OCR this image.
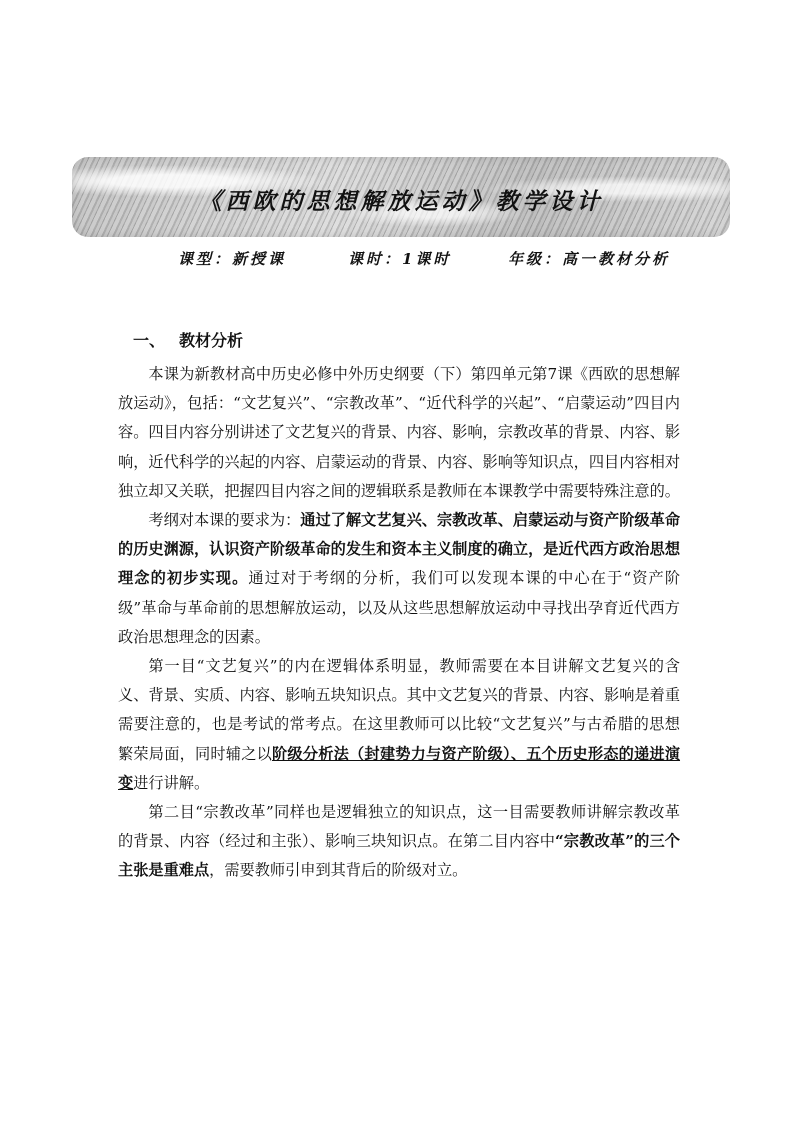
《西欧的思想解放运动》教学设计
课型：新授课	课时：1课时	年级：高一教材分析
一、 教材分析

本课为新教材高中历史必修中外历史纲要（下）第四单元第7课《西欧的思想解放运动》，包括：“文艺复兴”、“宗教改革”、“近代科学的兴起”、“启蒙运动”四目内容。四目内容分别讲述了文艺复兴的背景、内容、影响，宗教改革的背景、内容、影响，近代科学的兴起的内容、启蒙运动的背景、内容、影响等知识点，四目内容相对独立却又关联，把握四目内容之间的逻辑联系是教师在本课教学中需要特殊注意的。

考纲对本课的要求为：通过了解文艺复兴、宗教改革、启蒙运动与资产阶级革命的历史渊源，认识资产阶级革命的发生和资本主义制度的确立，是近代西方政治思想理念的初步实现。通过对于考纲的分析，我们可以发现本课的中心在于“资产阶级”革命与革命前的思想解放运动，以及从这些思想解放运动中寻找出孕育近代西方政治思想理念的因素。

第一目“文艺复兴”的内在逻辑体系明显，教师需要在本目讲解文艺复兴的含义、背景、实质、内容、影响五块知识点。其中文艺复兴的背景、内容、影响是着重需要注意的，也是考试的常考点。在这里教师可以比较“文艺复兴”与古希腊的思想繁荣局面，同时辅之以阶级分析法（封建势力与资产阶级）、五个历史形态的递进演变进行讲解。

第二目“宗教改革”同样也是逻辑独立的知识点，这一目需要教师讲解宗教改革的背景、内容（经过和主张）、影响三块知识点。在第二目内容中“宗教改革”的三个主张是重难点，需要教师引申到其背后的阶级对立。
